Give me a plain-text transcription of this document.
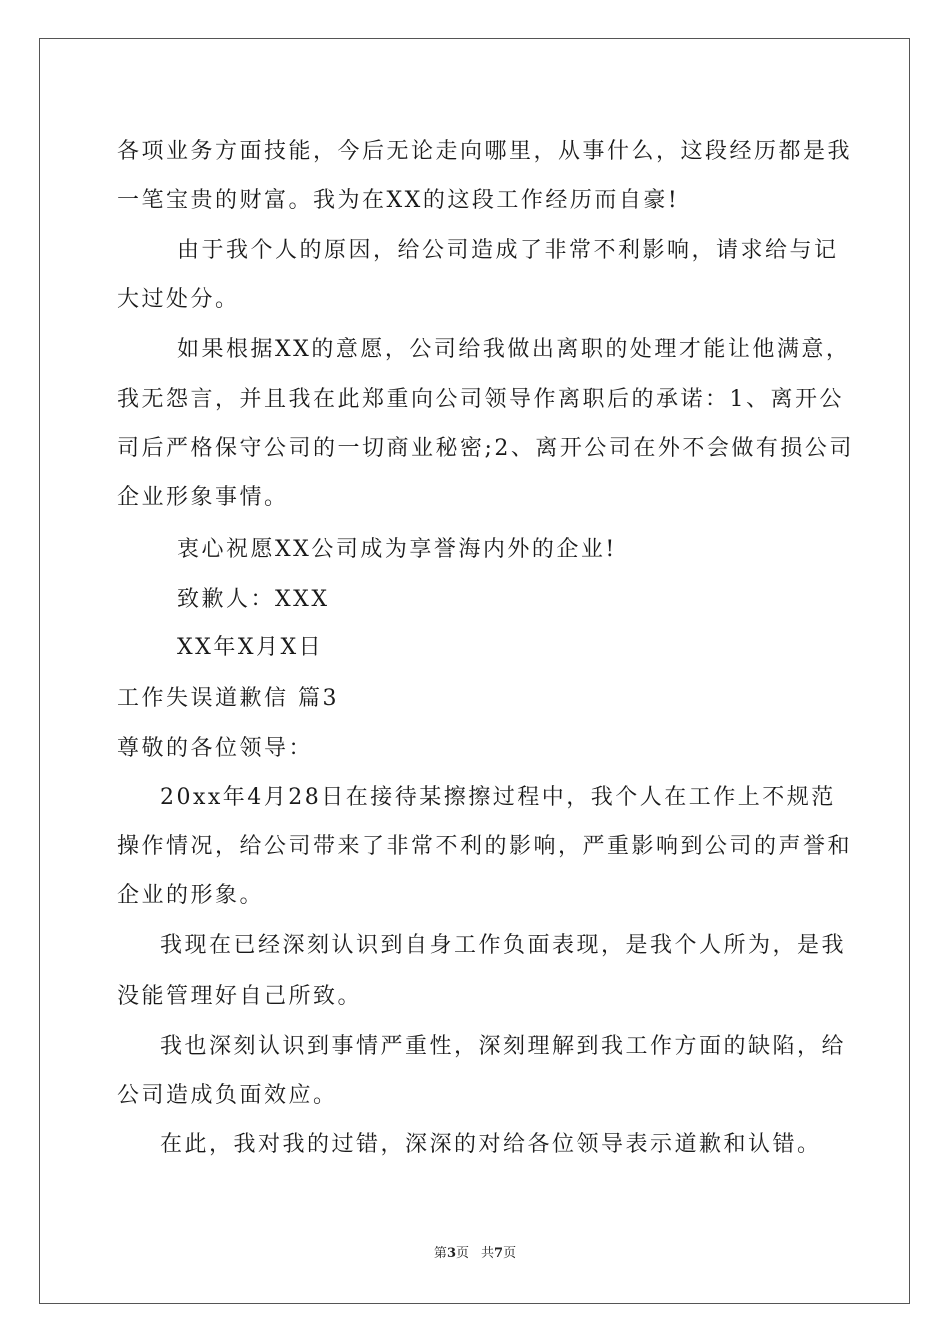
各项业务方面技能，今后无论走向哪里，从事什么，这段经历都是我
一笔宝贵的财富。我为在XX的这段工作经历而自豪!
由于我个人的原因，给公司造成了非常不利影响，请求给与记
大过处分。
如果根据XX的意愿，公司给我做出离职的处理才能让他满意，
我无怨言，并且我在此郑重向公司领导作离职后的承诺：1、离开公
司后严格保守公司的一切商业秘密;2、离开公司在外不会做有损公司
企业形象事情。
衷心祝愿XX公司成为享誉海内外的企业!
致歉人：XXX
XX年X月X日
工作失误道歉信 篇3
尊敬的各位领导：
20xx年4月28日在接待某擦擦过程中，我个人在工作上不规范
操作情况，给公司带来了非常不利的影响，严重影响到公司的声誉和
企业的形象。
我现在已经深刻认识到自身工作负面表现，是我个人所为，是我
没能管理好自己所致。
我也深刻认识到事情严重性，深刻理解到我工作方面的缺陷，给
公司造成负面效应。
在此，我对我的过错，深深的对给各位领导表示道歉和认错。
第3页 共7页
